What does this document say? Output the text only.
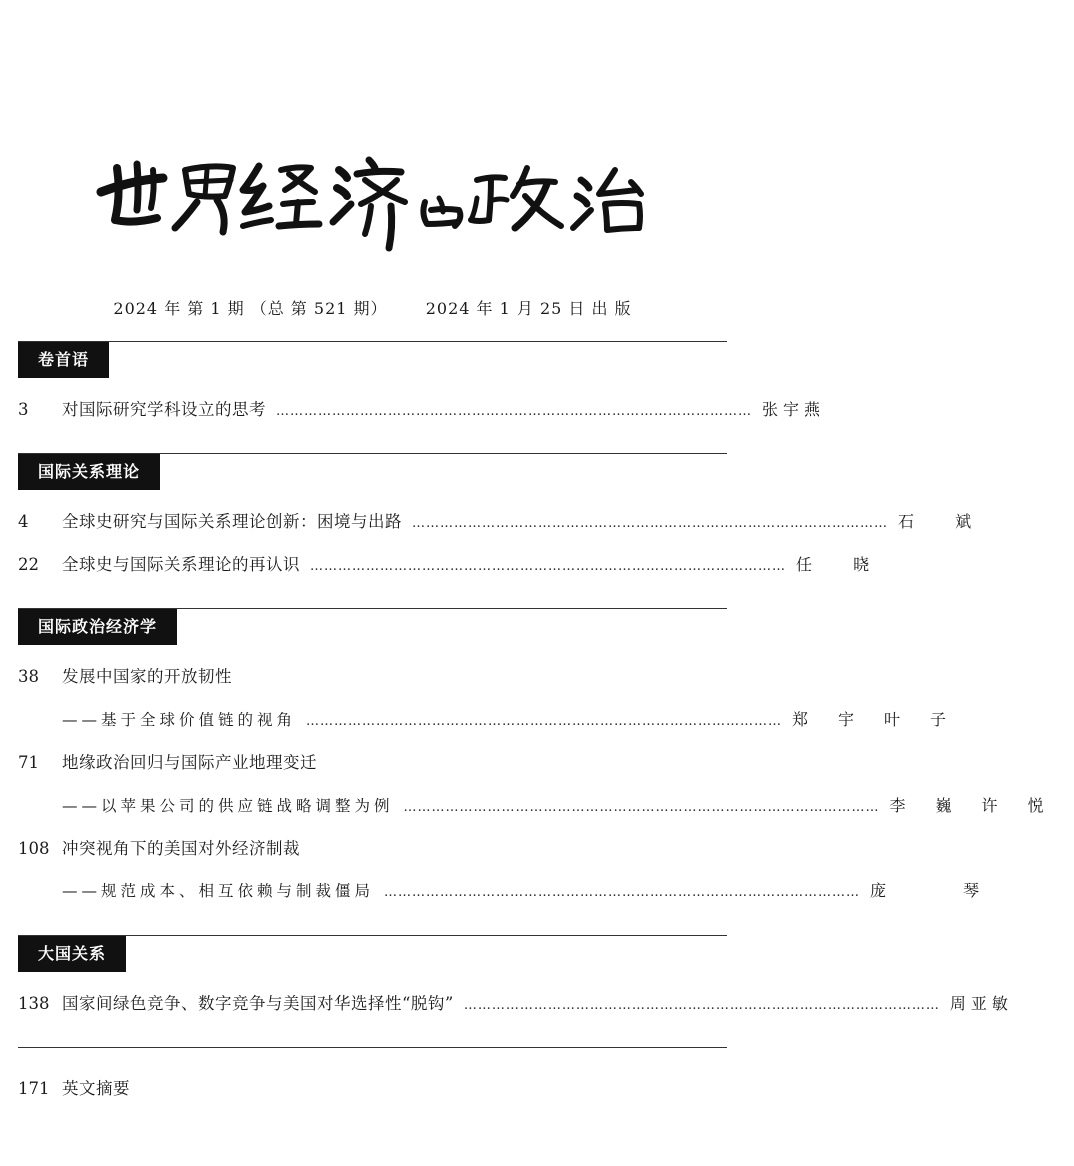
2024 年 第 1 期 （总 第 521 期） 2024 年 1 月 25 日 出 版
卷首语
3	对国际研究学科设立的思考 ………………………………………………………………………………………… 张宇燕
国际关系理论
4	全球史研究与国际关系理论创新：困境与出路 ………………………………………………………………………………………… 石 斌
22	全球史与国际关系理论的再认识 ………………………………………………………………………………………… 任 晓
国际政治经济学
38	发展中国家的开放韧性
——基于全球价值链的视角 ………………………………………………………………………………………… 郑宇叶子
71	地缘政治回归与国际产业地理变迁
——以苹果公司的供应链战略调整为例 ………………………………………………………………………………………… 李巍许悦
108 冲突视角下的美国对外经济制裁
——规范成本、相互依赖与制裁僵局 ………………………………………………………………………………………… 庞 琴
大国关系
138 国家间绿色竞争、数字竞争与美国对华选择性“脱钩” ………………………………………………………………………………………… 周亚敏
171 英文摘要
